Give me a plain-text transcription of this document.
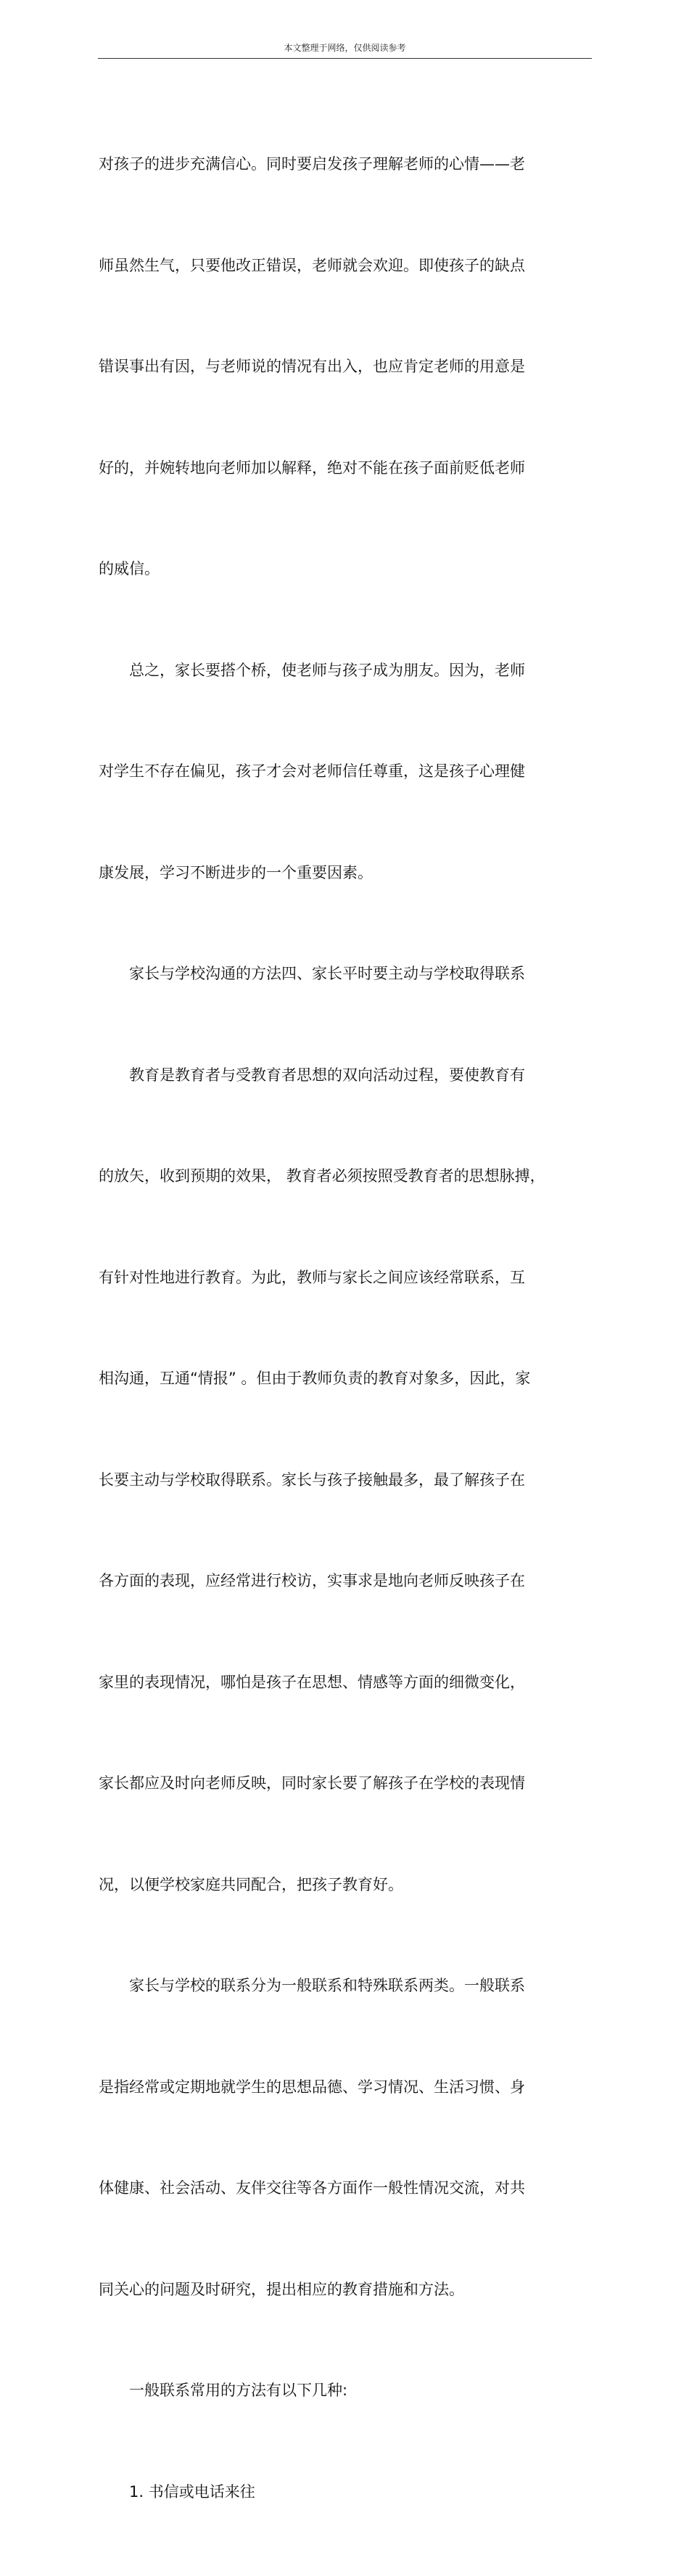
本文整理于网络，仅供阅读参考

对孩子的进步充满信心。同时要启发孩子理解老师的心情——老

师虽然生气，只要他改正错误，老师就会欢迎。即使孩子的缺点

错误事出有因，与老师说的情况有出入，也应肯定老师的用意是

好的，并婉转地向老师加以解释，绝对不能在孩子面前贬低老师

的威信。

　　总之，家长要搭个桥，使老师与孩子成为朋友。因为，老师

对学生不存在偏见，孩子才会对老师信任尊重，这是孩子心理健

康发展，学习不断进步的一个重要因素。

　　家长与学校沟通的方法四、家长平时要主动与学校取得联系

　　教育是教育者与受教育者思想的双向活动过程，要使教育有

的放矢，收到预期的效果， 教育者必须按照受教育者的思想脉搏，

有针对性地进行教育。为此，教师与家长之间应该经常联系，互

相沟通，互通“情报” 。但由于教师负责的教育对象多，因此，家

长要主动与学校取得联系。家长与孩子接触最多，最了解孩子在

各方面的表现，应经常进行校访，实事求是地向老师反映孩子在

家里的表现情况，哪怕是孩子在思想、情感等方面的细微变化，

家长都应及时向老师反映，同时家长要了解孩子在学校的表现情

况，以便学校家庭共同配合，把孩子教育好。

　　家长与学校的联系分为一般联系和特殊联系两类。一般联系

是指经常或定期地就学生的思想品德、学习情况、生活习惯、身

体健康、社会活动、友伴交往等各方面作一般性情况交流，对共

同关心的问题及时研究，提出相应的教育措施和方法。

　　一般联系常用的方法有以下几种:

　　1. 书信或电话来往
